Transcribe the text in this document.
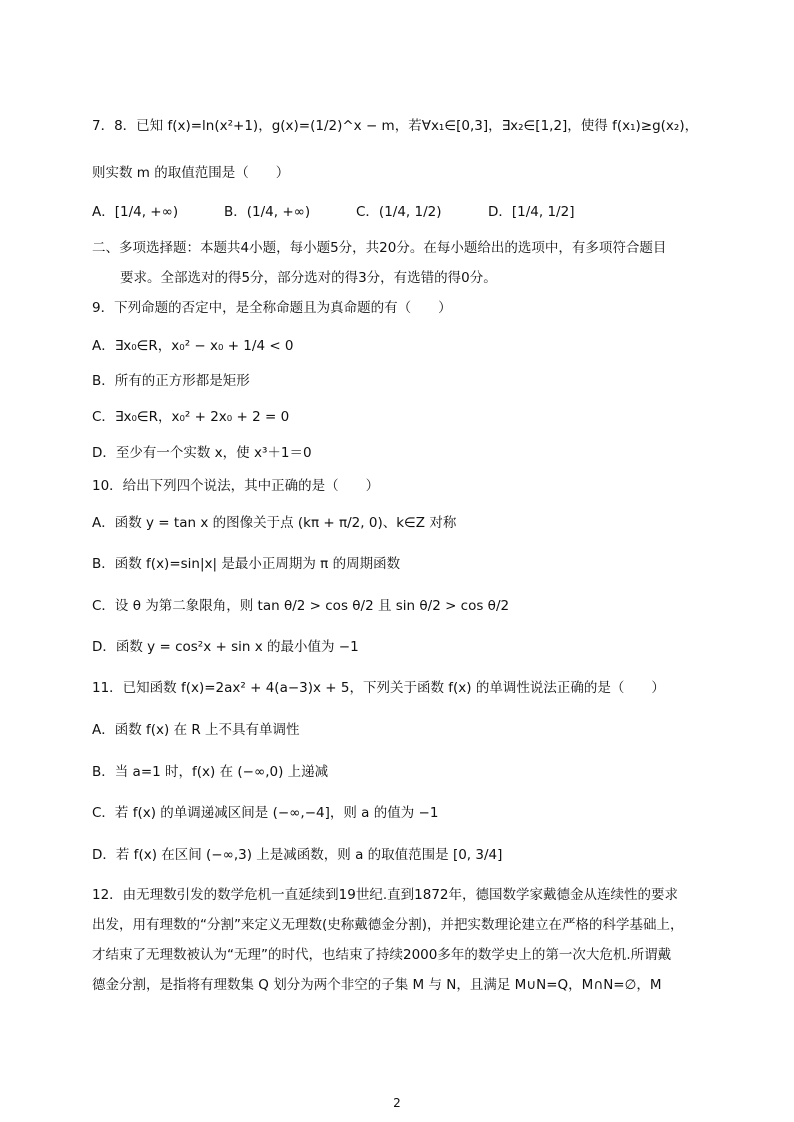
7．8．已知 f(x)=ln(x²+1)，g(x)=(1/2)^x − m，若∀x₁∈[0,3]，∃x₂∈[1,2]，使得 f(x₁)≥g(x₂)，
则实数 m 的取值范围是（　　）
A．[1/4, +∞)	B．(1/4, +∞)	C．(1/4, 1/2)	D．[1/4, 1/2]
二、多项选择题：本题共4小题，每小题5分，共20分。在每小题给出的选项中，有多项符合题目
要求。全部选对的得5分，部分选对的得3分，有选错的得0分。
9．下列命题的否定中，是全称命题且为真命题的有（　　）
A．∃x₀∈R，x₀² − x₀ + 1/4 < 0
B．所有的正方形都是矩形
C．∃x₀∈R，x₀² + 2x₀ + 2 = 0
D．至少有一个实数 x，使 x³＋1＝0
10．给出下列四个说法，其中正确的是（　　）
A．函数 y = tan x 的图像关于点 (kπ + π/2, 0)、k∈Z 对称
B．函数 f(x)=sin|x| 是最小正周期为 π 的周期函数
C．设 θ 为第二象限角，则 tan θ/2 > cos θ/2 且 sin θ/2 > cos θ/2
D．函数 y = cos²x + sin x 的最小值为 −1
11．已知函数 f(x)=2ax² + 4(a−3)x + 5，下列关于函数 f(x) 的单调性说法正确的是（　　）
A．函数 f(x) 在 R 上不具有单调性
B．当 a=1 时，f(x) 在 (−∞,0) 上递减
C．若 f(x) 的单调递减区间是 (−∞,−4]，则 a 的值为 −1
D．若 f(x) 在区间 (−∞,3) 上是减函数，则 a 的取值范围是 [0, 3/4]
12．由无理数引发的数学危机一直延续到19世纪.直到1872年，德国数学家戴德金从连续性的要求
出发，用有理数的“分割”来定义无理数(史称戴德金分割)，并把实数理论建立在严格的科学基础上，
才结束了无理数被认为“无理”的时代，也结束了持续2000多年的数学史上的第一次大危机.所谓戴
德金分割，是指将有理数集 Q 划分为两个非空的子集 M 与 N，且满足 M∪N=Q，M∩N=∅，M
2
